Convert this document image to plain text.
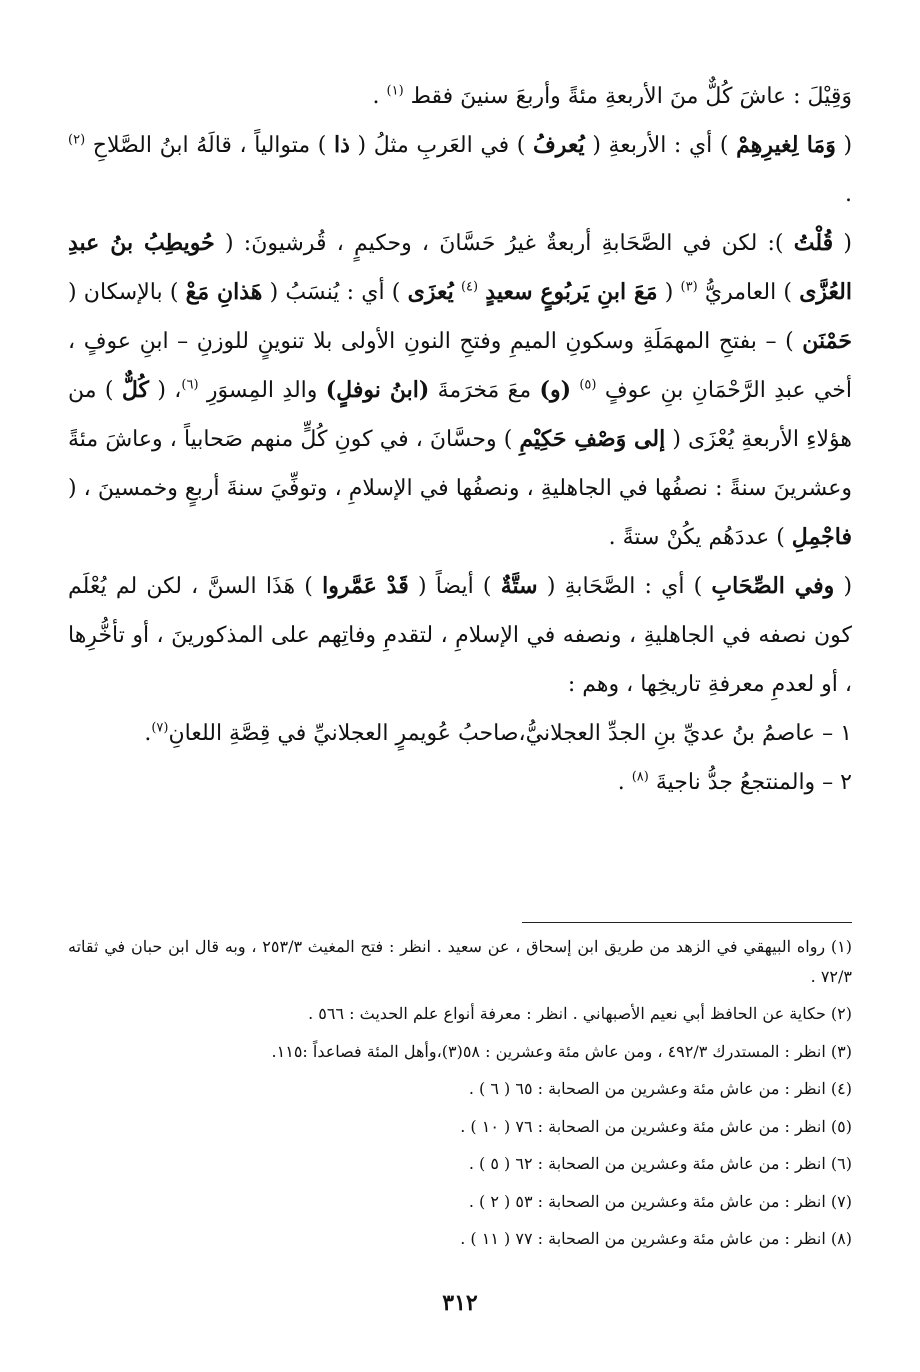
وَقِيْلَ : عاشَ كُلٌّ منَ الأربعةِ مئةً وأربعَ سنينَ فقط $^{(١)}$ .

( وَمَا لِغيرِهِمْ ) أي : الأربعةِ ( يُعرفُ ) في العَربِ مثلُ ( ذا ) متوالياً ، قالَهُ ابنُ الصَّلاحِ $^{(٢)}$ .

( قُلْتُ ): لكن في الصَّحَابةِ أربعةٌ غيرُ حَسَّانَ ، وحكيمٍ ، قُرشيونَ: ( حُويطِبُ بنُ عبدِ العُزَّى ) العامريُّ $^{(٣)}$ ( مَعَ ابنِ يَربُوعٍ سعيدٍ $^{(٤)}$ يُعزَى ) أي : يُنسَبُ ( هَذانِ مَعْ ) بالإسكان ( حَمْنَن ) – بفتحِ المهمَلَةِ وسكونِ الميمِ وفتحِ النونِ الأولى بلا تنوينٍ للوزنِ – ابنِ عوفٍ ، أخي عبدِ الرَّحْمَانِ بنِ عوفٍ $^{(٥)}$ (و) معَ مَخرَمةَ (ابنُ نوفلٍ) والدِ المِسوَرِ $^{(٦)}$، ( كُلٌّ ) من هؤلاءِ الأربعةِ يُعْزَى ( إلى وَصْفِ حَكِيْمِ ) وحسَّانَ ، في كونِ كُلٍّ منهم صَحابياً ، وعاشَ مئةً وعشرينَ سنةً : نصفُها في الجاهليةِ ، ونصفُها في الإسلامِ ، وتوفِّيَ سنةَ أربعٍ وخمسينَ ، ( فاجْمِلِ ) عددَهُم يكُنْ ستةً .

( وفي الصِّحَابِ ) أي : الصَّحَابةِ ( ستَّةٌ ) أيضاً ( قَدْ عَمَّروا ) هَذَا السنَّ ، لكن لم يُعْلَم كون نصفه في الجاهليةِ ، ونصفه في الإسلامِ ، لتقدمِ وفاتِهم على المذكورينَ ، أو تأخُّرِها ، أو لعدمِ معرفةِ تاريخِها ، وهم :

١ – عاصمُ بنُ عديِّ بنِ الجدِّ العجلانيُّ،صاحبُ عُويمرٍ العجلانيِّ في قِصَّةِ اللعانِ$^{(٧)}$.

٢ – والمنتجعُ جدُّ ناجيةَ $^{(٨)}$ .

(١) رواه البيهقي في الزهد من طريق ابن إسحاق ، عن سعيد . انظر : فتح المغيث ٢٥٣/٣ ، وبه قال ابن حبان في ثقاته ٧٢/٣ .

(٢) حكاية عن الحافظ أبي نعيم الأصبهاني . انظر : معرفة أنواع علم الحديث : ٥٦٦ .

(٣) انظر : المستدرك ٤٩٢/٣ ، ومن عاش مئة وعشرين : ٥٨(٣)،وأهل المئة فصاعداً :١١٥.

(٤) انظر : من عاش مئة وعشرين من الصحابة : ٦٥ ( ٦ ) .

(٥) انظر : من عاش مئة وعشرين من الصحابة : ٧٦ ( ١٠ ) .

(٦) انظر : من عاش مئة وعشرين من الصحابة : ٦٢ ( ٥ ) .

(٧) انظر : من عاش مئة وعشرين من الصحابة : ٥٣ ( ٢ ) .

(٨) انظر : من عاش مئة وعشرين من الصحابة : ٧٧ ( ١١ ) .

٣١٢
